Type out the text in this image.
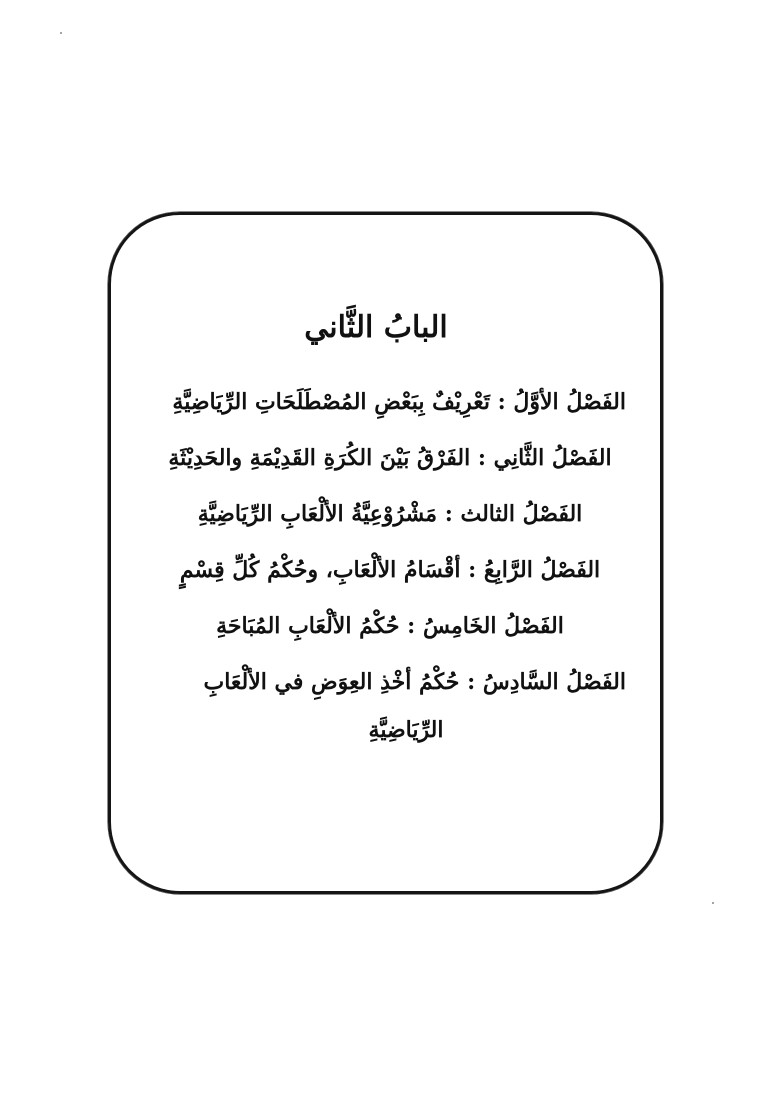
البابُ الثَّاني
الفَصْلُ الأوَّلُ : تَعْرِيْفٌ بِبَعْضِ المُصْطَلَحَاتِ الرِّيَاضِيَّةِ
الفَصْلُ الثَّانِي : الفَرْقُ بَيْنَ الكُرَةِ القَدِيْمَةِ والحَدِيْثَةِ
الفَصْلُ الثالث : مَشْرُوْعِيَّةُ الألْعَابِ الرِّيَاضِيَّةِ
الفَصْلُ الرَّابِعُ : أقْسَامُ الألْعَابِ، وحُكْمُ كُلِّ قِسْمٍ
الفَصْلُ الخَامِسُ : حُكْمُ الألْعَابِ المُبَاحَةِ
الفَصْلُ السَّادِسُ : حُكْمُ أخْذِ العِوَضِ في الألْعَابِ
الرِّيَاضِيَّةِ
